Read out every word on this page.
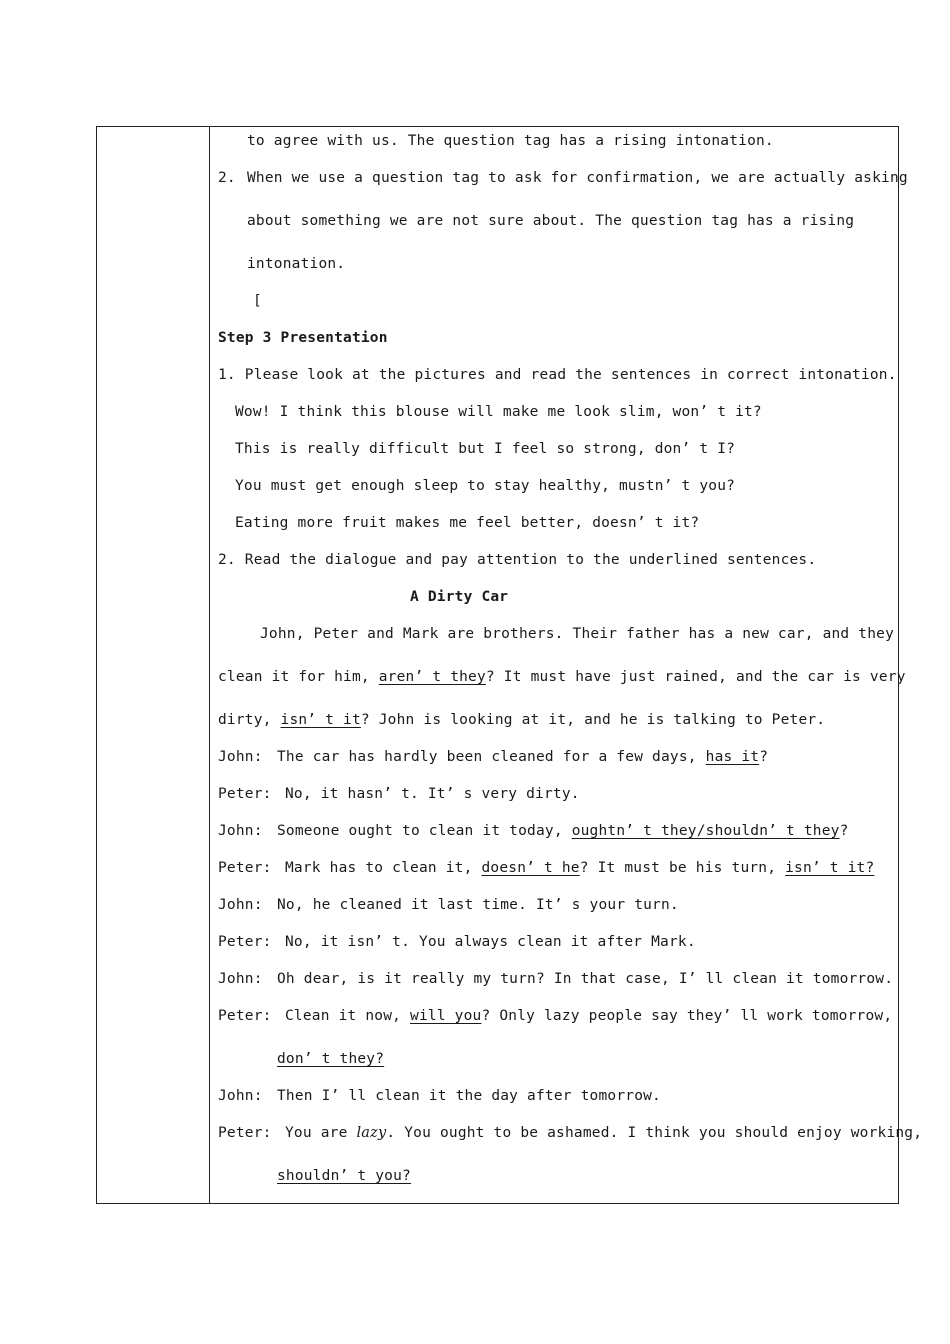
to agree with us. The question tag has a rising intonation.
2. When we use a question tag to ask for confirmation, we are actually asking
about something we are not sure about. The question tag has a rising
intonation.
[
Step 3 Presentation
1. Please look at the pictures and read the sentences in correct intonation.
Wow! I think this blouse will make me look slim, won’ t it?
This is really difficult but I feel so strong, don’ t I?
You must get enough sleep to stay healthy, mustn’ t you?
Eating more fruit makes me feel better, doesn’ t it?
2. Read the dialogue and pay attention to the underlined sentences.
A Dirty Car
John, Peter and Mark are brothers. Their father has a new car, and they
clean it for him, aren’ t they? It must have just rained, and the car is very
dirty, isn’ t it? John is looking at it, and he is talking to Peter.
John: The car has hardly been cleaned for a few days, has it?
Peter: No, it hasn’ t. It’ s very dirty.
John: Someone ought to clean it today, oughtn’ t they/shouldn’ t they?
Peter: Mark has to clean it, doesn’ t he? It must be his turn, isn’ t it?
John: No, he cleaned it last time. It’ s your turn.
Peter: No, it isn’ t. You always clean it after Mark.
John: Oh dear, is it really my turn? In that case, I’ ll clean it tomorrow.
Peter: Clean it now, will you? Only lazy people say they’ ll work tomorrow,
don’ t they?
John: Then I’ ll clean it the day after tomorrow.
Peter: You are lazy. You ought to be ashamed. I think you should enjoy working,
shouldn’ t you?
